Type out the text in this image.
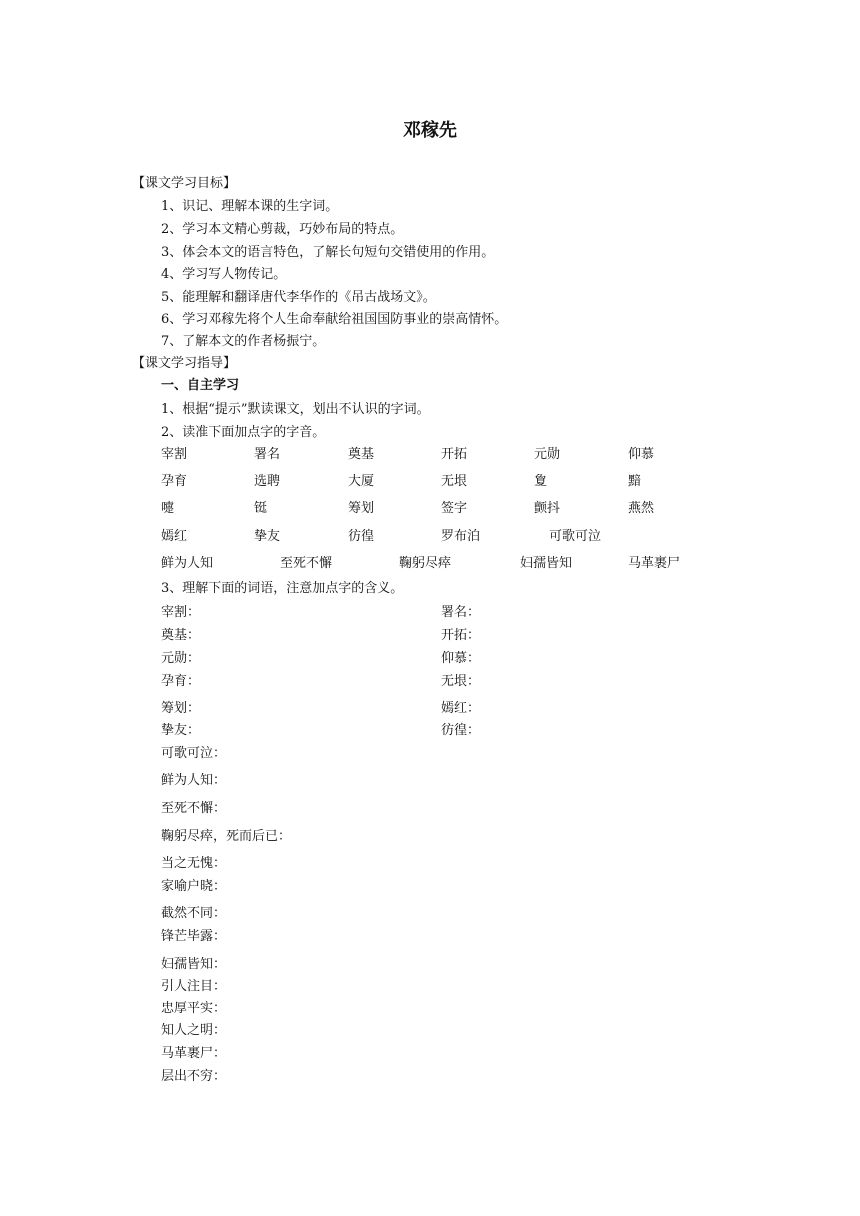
邓稼先
【课文学习目标】
1、识记、理解本课的生字词。
2、学习本文精心剪裁，巧妙布局的特点。
3、体会本文的语言特色，了解长句短句交错使用的作用。
4、学习写人物传记。
5、能理解和翻译唐代李华作的《吊古战场文》。
6、学习邓稼先将个人生命奉献给祖国国防事业的崇高情怀。
7、了解本文的作者杨振宁。
【课文学习指导】
一、自主学习
1、根据“提示”默读课文，划出不认识的字词。
2、读准下面加点字的字音。
宰割	署名	奠基	开拓	元勋	仰慕
孕育	选聘	大厦	无垠	夐	黯
嚏	铤	筹划	签字	颤抖	燕然
嫣红	挚友	彷徨	罗布泊	可歌可泣
鲜为人知	至死不懈	鞠躬尽瘁	妇孺皆知	马革裹尸
3、理解下面的词语，注意加点字的含义。
宰割：	署名：
奠基：	开拓：
元勋：	仰慕：
孕育：	无垠：
筹划：	嫣红：
挚友：	彷徨：
可歌可泣：
鲜为人知：
至死不懈：
鞠躬尽瘁，死而后已：
当之无愧：
家喻户晓：
截然不同：
锋芒毕露：
妇孺皆知：
引人注目：
忠厚平实：
知人之明：
马革裹尸：
层出不穷：
